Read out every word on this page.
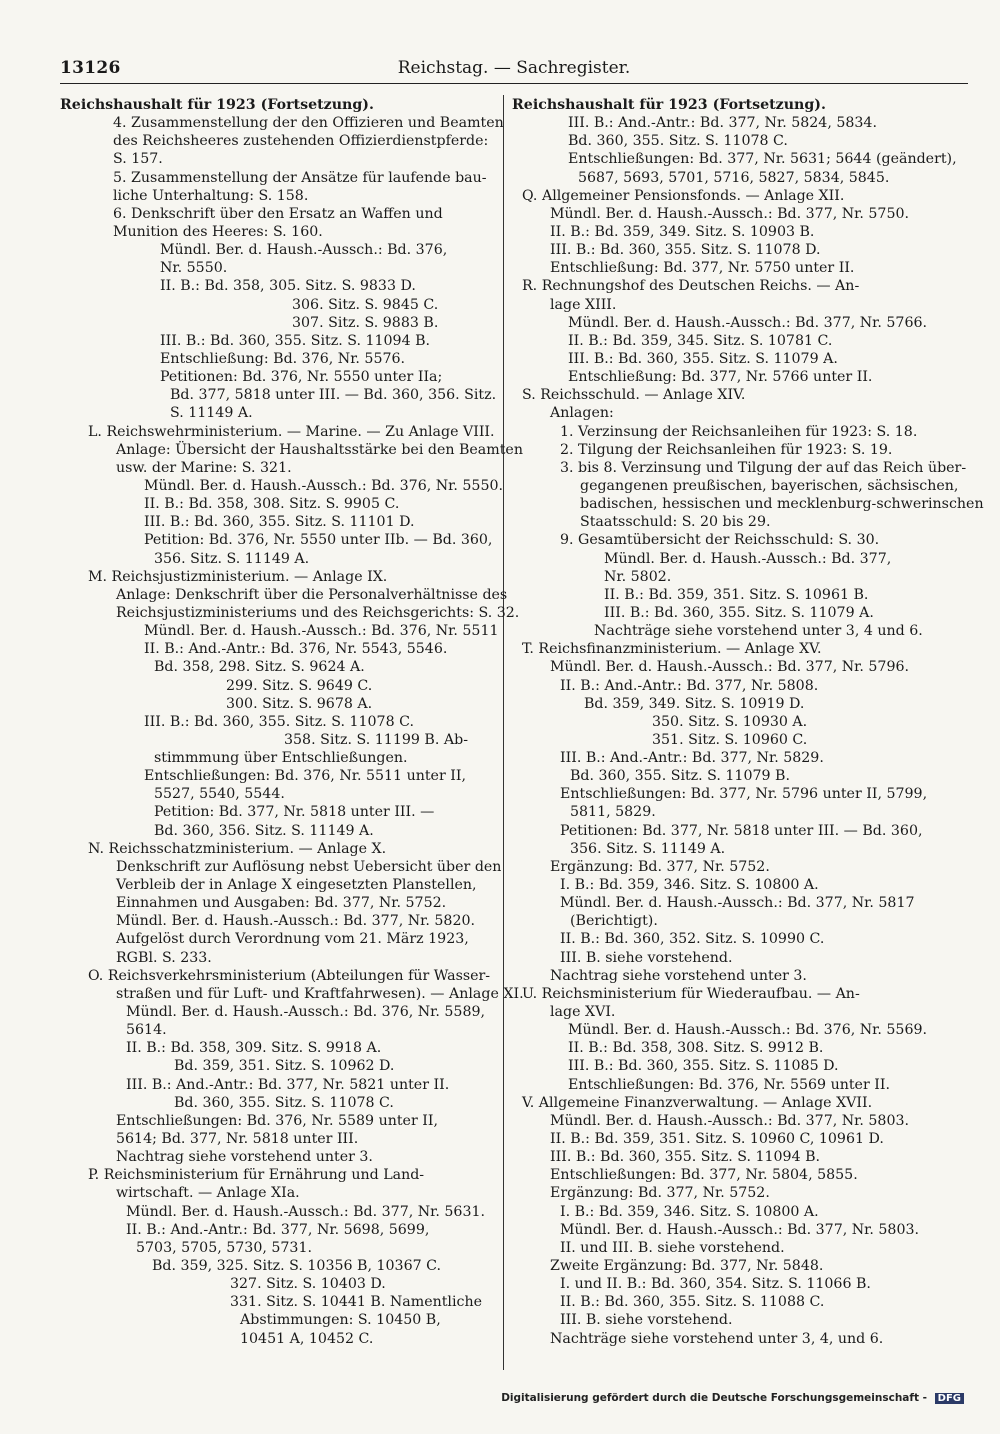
13126	Reichstag. — Sachregister.
Reichshaushalt für 1923 (Fortsetzung).
4. Zusammenstellung der den Offizieren und Beamten
des Reichsheeres zustehenden Offizierdienstpferde:
S. 157.
5. Zusammenstellung der Ansätze für laufende bau-
liche Unterhaltung: S. 158.
6. Denkschrift über den Ersatz an Waffen und
Munition des Heeres: S. 160.
Mündl. Ber. d. Haush.-Aussch.: Bd. 376,
Nr. 5550.
II. B.: Bd. 358, 305. Sitz. S. 9833 D.
306. Sitz. S. 9845 C.
307. Sitz. S. 9883 B.
III. B.: Bd. 360, 355. Sitz. S. 11094 B.
Entschließung: Bd. 376, Nr. 5576.
Petitionen: Bd. 376, Nr. 5550 unter IIa;
Bd. 377, 5818 unter III. — Bd. 360, 356. Sitz.
S. 11149 A.
L. Reichswehrministerium. — Marine. — Zu Anlage VIII.
Anlage: Übersicht der Haushaltsstärke bei den Beamten
usw. der Marine: S. 321.
Mündl. Ber. d. Haush.-Aussch.: Bd. 376, Nr. 5550.
II. B.: Bd. 358, 308. Sitz. S. 9905 C.
III. B.: Bd. 360, 355. Sitz. S. 11101 D.
Petition: Bd. 376, Nr. 5550 unter IIb. — Bd. 360,
356. Sitz. S. 11149 A.
M. Reichsjustizministerium. — Anlage IX.
Anlage: Denkschrift über die Personalverhältnisse des
Reichsjustizministeriums und des Reichsgerichts: S. 32.
Mündl. Ber. d. Haush.-Aussch.: Bd. 376, Nr. 5511
II. B.: And.-Antr.: Bd. 376, Nr. 5543, 5546.
Bd. 358, 298. Sitz. S. 9624 A.
299. Sitz. S. 9649 C.
300. Sitz. S. 9678 A.
III. B.: Bd. 360, 355. Sitz. S. 11078 C.
358. Sitz. S. 11199 B. Ab-
stimmmung über Entschließungen.
Entschließungen: Bd. 376, Nr. 5511 unter II,
5527, 5540, 5544.
Petition: Bd. 377, Nr. 5818 unter III. —
Bd. 360, 356. Sitz. S. 11149 A.
N. Reichsschatzministerium. — Anlage X.
Denkschrift zur Auflösung nebst Uebersicht über den
Verbleib der in Anlage X eingesetzten Planstellen,
Einnahmen und Ausgaben: Bd. 377, Nr. 5752.
Mündl. Ber. d. Haush.-Aussch.: Bd. 377, Nr. 5820.
Aufgelöst durch Verordnung vom 21. März 1923,
RGBl. S. 233.
O. Reichsverkehrsministerium (Abteilungen für Wasser-
straßen und für Luft- und Kraftfahrwesen). — Anlage XI.
Mündl. Ber. d. Haush.-Aussch.: Bd. 376, Nr. 5589,
5614.
II. B.: Bd. 358, 309. Sitz. S. 9918 A.
Bd. 359, 351. Sitz. S. 10962 D.
III. B.: And.-Antr.: Bd. 377, Nr. 5821 unter II.
Bd. 360, 355. Sitz. S. 11078 C.
Entschließungen: Bd. 376, Nr. 5589 unter II,
5614; Bd. 377, Nr. 5818 unter III.
Nachtrag siehe vorstehend unter 3.
P. Reichsministerium für Ernährung und Land-
wirtschaft. — Anlage XIa.
Mündl. Ber. d. Haush.-Aussch.: Bd. 377, Nr. 5631.
II. B.: And.-Antr.: Bd. 377, Nr. 5698, 5699,
5703, 5705, 5730, 5731.
Bd. 359, 325. Sitz. S. 10356 B, 10367 C.
327. Sitz. S. 10403 D.
331. Sitz. S. 10441 B. Namentliche
Abstimmungen: S. 10450 B,
10451 A, 10452 C.
Reichshaushalt für 1923 (Fortsetzung).
III. B.: And.-Antr.: Bd. 377, Nr. 5824, 5834.
Bd. 360, 355. Sitz. S. 11078 C.
Entschließungen: Bd. 377, Nr. 5631; 5644 (geändert),
5687, 5693, 5701, 5716, 5827, 5834, 5845.
Q. Allgemeiner Pensionsfonds. — Anlage XII.
Mündl. Ber. d. Haush.-Aussch.: Bd. 377, Nr. 5750.
II. B.: Bd. 359, 349. Sitz. S. 10903 B.
III. B.: Bd. 360, 355. Sitz. S. 11078 D.
Entschließung: Bd. 377, Nr. 5750 unter II.
R. Rechnungshof des Deutschen Reichs. — An-
lage XIII.
Mündl. Ber. d. Haush.-Aussch.: Bd. 377, Nr. 5766.
II. B.: Bd. 359, 345. Sitz. S. 10781 C.
III. B.: Bd. 360, 355. Sitz. S. 11079 A.
Entschließung: Bd. 377, Nr. 5766 unter II.
S. Reichsschuld. — Anlage XIV.
Anlagen:
1. Verzinsung der Reichsanleihen für 1923: S. 18.
2. Tilgung der Reichsanleihen für 1923: S. 19.
3. bis 8. Verzinsung und Tilgung der auf das Reich über-
gegangenen preußischen, bayerischen, sächsischen,
badischen, hessischen und mecklenburg-schwerinschen
Staatsschuld: S. 20 bis 29.
9. Gesamtübersicht der Reichsschuld: S. 30.
Mündl. Ber. d. Haush.-Aussch.: Bd. 377,
Nr. 5802.
II. B.: Bd. 359, 351. Sitz. S. 10961 B.
III. B.: Bd. 360, 355. Sitz. S. 11079 A.
Nachträge siehe vorstehend unter 3, 4 und 6.
T. Reichsfinanzministerium. — Anlage XV.
Mündl. Ber. d. Haush.-Aussch.: Bd. 377, Nr. 5796.
II. B.: And.-Antr.: Bd. 377, Nr. 5808.
Bd. 359, 349. Sitz. S. 10919 D.
350. Sitz. S. 10930 A.
351. Sitz. S. 10960 C.
III. B.: And.-Antr.: Bd. 377, Nr. 5829.
Bd. 360, 355. Sitz. S. 11079 B.
Entschließungen: Bd. 377, Nr. 5796 unter II, 5799,
5811, 5829.
Petitionen: Bd. 377, Nr. 5818 unter III. — Bd. 360,
356. Sitz. S. 11149 A.
Ergänzung: Bd. 377, Nr. 5752.
I. B.: Bd. 359, 346. Sitz. S. 10800 A.
Mündl. Ber. d. Haush.-Aussch.: Bd. 377, Nr. 5817
(Berichtigt).
II. B.: Bd. 360, 352. Sitz. S. 10990 C.
III. B. siehe vorstehend.
Nachtrag siehe vorstehend unter 3.
U. Reichsministerium für Wiederaufbau. — An-
lage XVI.
Mündl. Ber. d. Haush.-Aussch.: Bd. 376, Nr. 5569.
II. B.: Bd. 358, 308. Sitz. S. 9912 B.
III. B.: Bd. 360, 355. Sitz. S. 11085 D.
Entschließungen: Bd. 376, Nr. 5569 unter II.
V. Allgemeine Finanzverwaltung. — Anlage XVII.
Mündl. Ber. d. Haush.-Aussch.: Bd. 377, Nr. 5803.
II. B.: Bd. 359, 351. Sitz. S. 10960 C, 10961 D.
III. B.: Bd. 360, 355. Sitz. S. 11094 B.
Entschließungen: Bd. 377, Nr. 5804, 5855.
Ergänzung: Bd. 377, Nr. 5752.
I. B.: Bd. 359, 346. Sitz. S. 10800 A.
Mündl. Ber. d. Haush.-Aussch.: Bd. 377, Nr. 5803.
II. und III. B. siehe vorstehend.
Zweite Ergänzung: Bd. 377, Nr. 5848.
I. und II. B.: Bd. 360, 354. Sitz. S. 11066 B.
II. B.: Bd. 360, 355. Sitz. S. 11088 C.
III. B. siehe vorstehend.
Nachträge siehe vorstehend unter 3, 4, und 6.
Digitalisierung gefördert durch die Deutsche Forschungsgemeinschaft - DFG
